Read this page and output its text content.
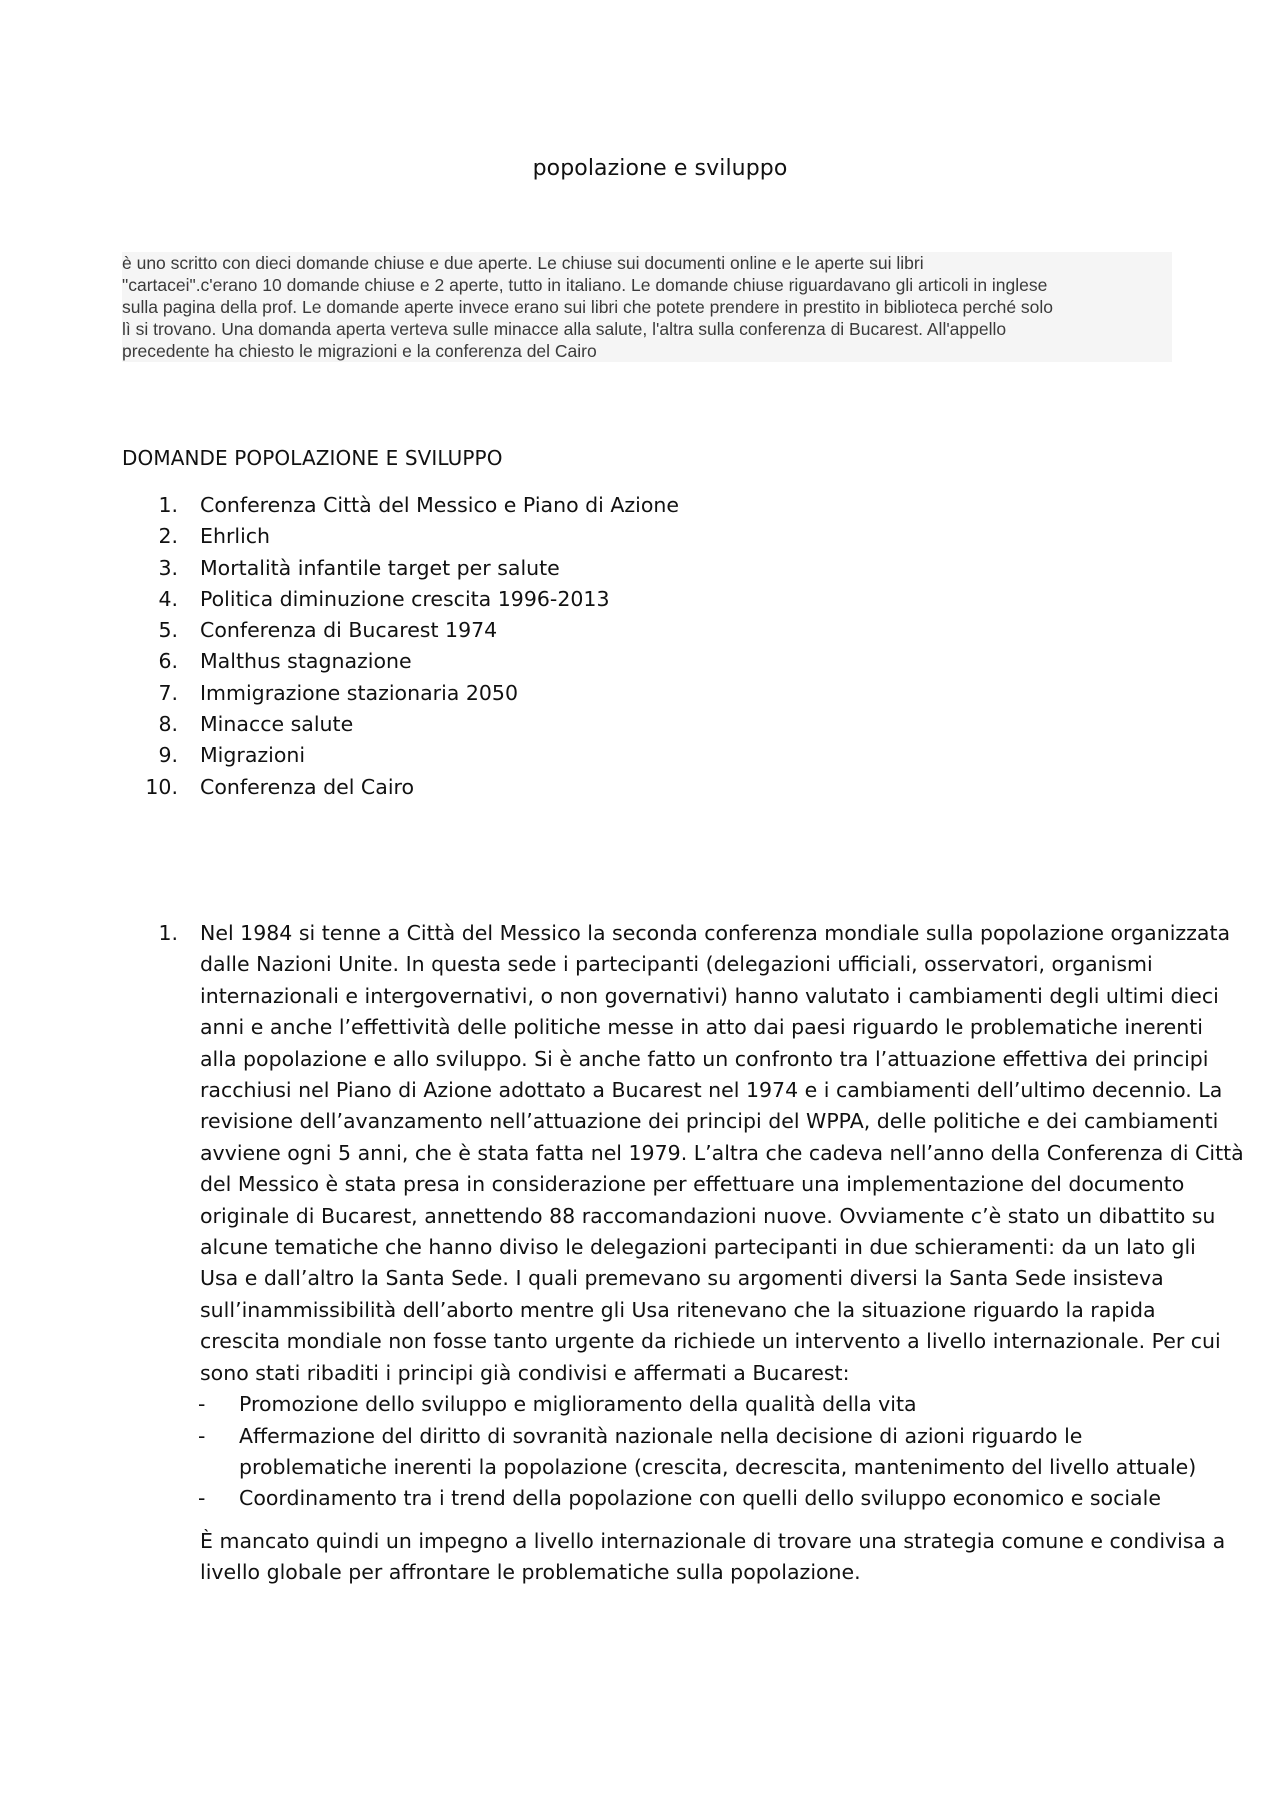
popolazione e sviluppo
è uno scritto con dieci domande chiuse e due aperte. Le chiuse sui documenti online e le aperte sui libri
"cartacei".c'erano 10 domande chiuse e 2 aperte, tutto in italiano. Le domande chiuse riguardavano gli articoli in inglese
sulla pagina della prof. Le domande aperte invece erano sui libri che potete prendere in prestito in biblioteca perché solo
lì si trovano. Una domanda aperta verteva sulle minacce alla salute, l'altra sulla conferenza di Bucarest. All'appello
precedente ha chiesto le migrazioni e la conferenza del Cairo
DOMANDE POPOLAZIONE E SVILUPPO
1. Conferenza Città del Messico e Piano di Azione
2. Ehrlich
3. Mortalità infantile target per salute
4. Politica diminuzione crescita 1996-2013
5. Conferenza di Bucarest 1974
6. Malthus stagnazione
7. Immigrazione stazionaria 2050
8. Minacce salute
9. Migrazioni
10. Conferenza del Cairo
1. Nel 1984 si tenne a Città del Messico la seconda conferenza mondiale sulla popolazione organizzata
dalle Nazioni Unite. In questa sede i partecipanti (delegazioni ufficiali, osservatori, organismi
internazionali e intergovernativi, o non governativi) hanno valutato i cambiamenti degli ultimi dieci
anni e anche l’effettività delle politiche messe in atto dai paesi riguardo le problematiche inerenti
alla popolazione e allo sviluppo. Si è anche fatto un confronto tra l’attuazione effettiva dei principi
racchiusi nel Piano di Azione adottato a Bucarest nel 1974 e i cambiamenti dell’ultimo decennio. La
revisione dell’avanzamento nell’attuazione dei principi del WPPA, delle politiche e dei cambiamenti
avviene ogni 5 anni, che è stata fatta nel 1979. L’altra che cadeva nell’anno della Conferenza di Città
del Messico è stata presa in considerazione per effettuare una implementazione del documento
originale di Bucarest, annettendo 88 raccomandazioni nuove. Ovviamente c’è stato un dibattito su
alcune tematiche che hanno diviso le delegazioni partecipanti in due schieramenti: da un lato gli
Usa e dall’altro la Santa Sede. I quali premevano su argomenti diversi la Santa Sede insisteva
sull’inammissibilità dell’aborto mentre gli Usa ritenevano che la situazione riguardo la rapida
crescita mondiale non fosse tanto urgente da richiede un intervento a livello internazionale. Per cui
sono stati ribaditi i principi già condivisi e affermati a Bucarest:
- Promozione dello sviluppo e miglioramento della qualità della vita
- Affermazione del diritto di sovranità nazionale nella decisione di azioni riguardo le
problematiche inerenti la popolazione (crescita, decrescita, mantenimento del livello attuale)
- Coordinamento tra i trend della popolazione con quelli dello sviluppo economico e sociale
È mancato quindi un impegno a livello internazionale di trovare una strategia comune e condivisa a
livello globale per affrontare le problematiche sulla popolazione.
